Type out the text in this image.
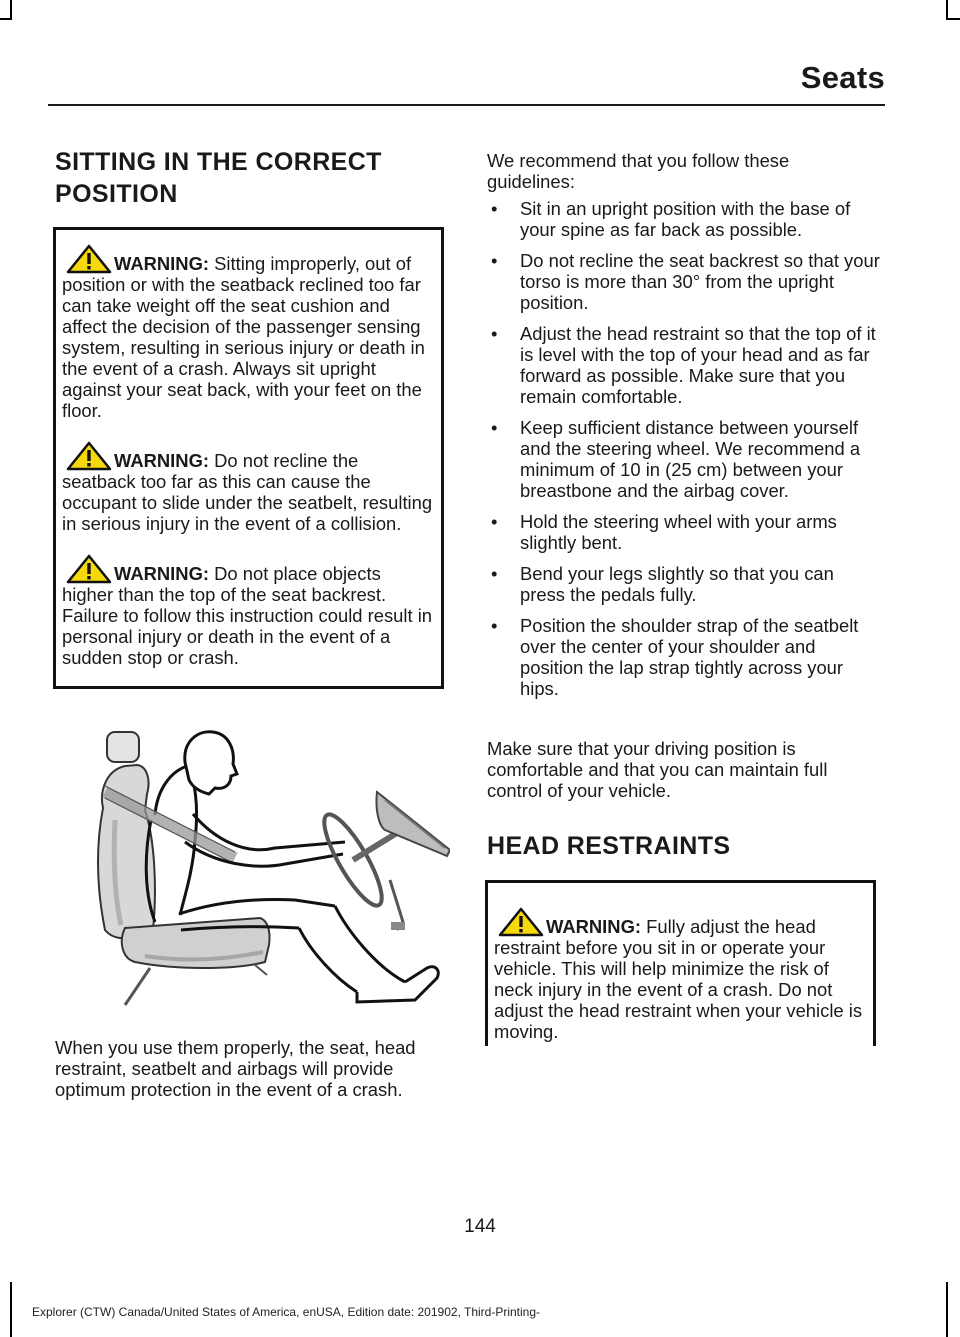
Seats
SITTING IN THE CORRECT POSITION

WARNING: Sitting improperly, out of position or with the seatback reclined too far can take weight off the seat cushion and affect the decision of the passenger sensing system, resulting in serious injury or death in the event of a crash. Always sit upright against your seat back, with your feet on the floor.

WARNING: Do not recline the seatback too far as this can cause the occupant to slide under the seatbelt, resulting in serious injury in the event of a collision.

WARNING: Do not place objects higher than the top of the seat backrest. Failure to follow this instruction could result in personal injury or death in the event of a sudden stop or crash.

When you use them properly, the seat, head restraint, seatbelt and airbags will provide optimum protection in the event of a crash.

We recommend that you follow these guidelines:

• Sit in an upright position with the base of your spine as far back as possible.
• Do not recline the seat backrest so that your torso is more than 30° from the upright position.
• Adjust the head restraint so that the top of it is level with the top of your head and as far forward as possible. Make sure that you remain comfortable.
• Keep sufficient distance between yourself and the steering wheel. We recommend a minimum of 10 in (25 cm) between your breastbone and the airbag cover.
• Hold the steering wheel with your arms slightly bent.
• Bend your legs slightly so that you can press the pedals fully.
• Position the shoulder strap of the seatbelt over the center of your shoulder and position the lap strap tightly across your hips.

Make sure that your driving position is comfortable and that you can maintain full control of your vehicle.

HEAD RESTRAINTS

WARNING: Fully adjust the head restraint before you sit in or operate your vehicle. This will help minimize the risk of neck injury in the event of a crash. Do not adjust the head restraint when your vehicle is moving.

144
Explorer (CTW) Canada/United States of America, enUSA, Edition date: 201902, Third-Printing-
